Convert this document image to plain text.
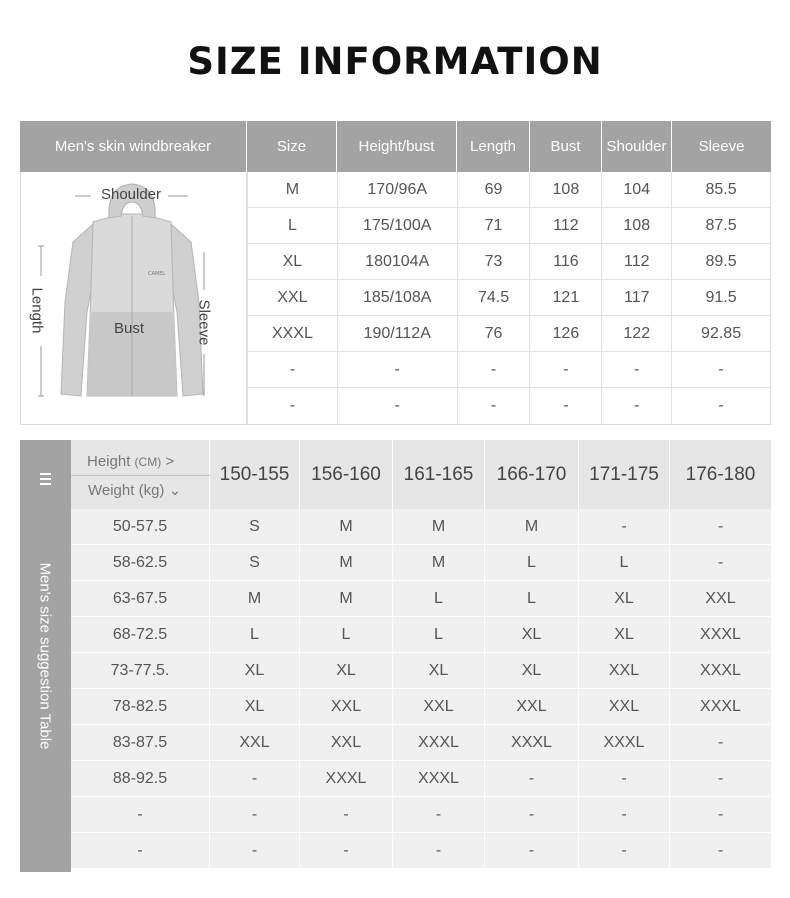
SIZE INFORMATION
Men's skin windbreaker	Size	Height/bust	Length	Bust	Shoulder	Sleeve
CAMEL
Shoulder
Length	Bust	Sleeve
M	170/96A	69	108	104	85.5
L	175/100A	71	112	108	87.5
XL	180104A	73	116	112	89.5
XXL	185/108A	74.5	121	117	91.5
XXXL	190/112A	76	126	122	92.85
-	-	-	-	-	-
-	-	-	-	-	-
Men's size suggestion Table
Height (CM) >
Weight (kg) ⌄
150-155	156-160	161-165	166-170	171-175	176-180
50-57.5	S	M	M	M	-	-
58-62.5	S	M	M	L	L	-
63-67.5	M	M	L	L	XL	XXL
68-72.5	L	L	L	XL	XL	XXXL
73-77.5.	XL	XL	XL	XL	XXL	XXXL
78-82.5	XL	XXL	XXL	XXL	XXL	XXXL
83-87.5	XXL	XXL	XXXL	XXXL	XXXL	-
88-92.5	-	XXXL	XXXL	-	-	-
-	-	-	-	-	-	-
-	-	-	-	-	-	-
